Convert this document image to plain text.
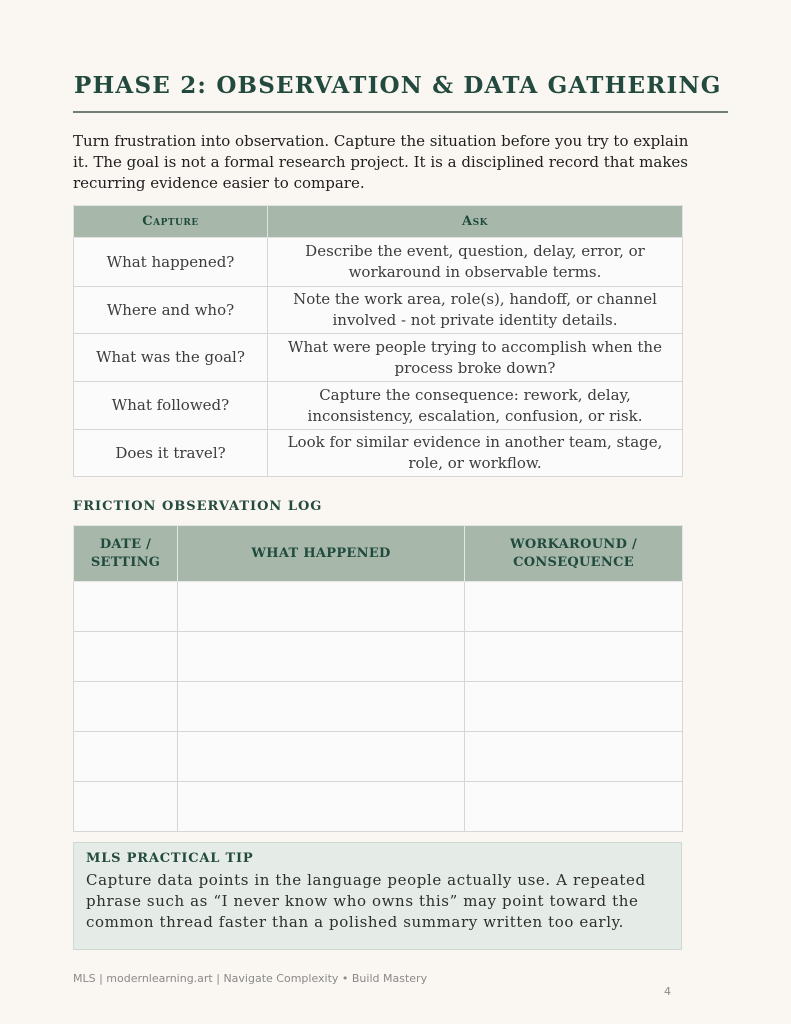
PHASE 2: OBSERVATION & DATA GATHERING

Turn frustration into observation. Capture the situation before you try to explain it. The goal is not a formal research project. It is a disciplined record that makes recurring evidence easier to compare.

Capture	Ask
What happened?	Describe the event, question, delay, error, or workaround in observable terms.
Where and who?	Note the work area, role(s), handoff, or channel involved - not private identity details.
What was the goal?	What were people trying to accomplish when the process broke down?
What followed?	Capture the consequence: rework, delay, inconsistency, escalation, confusion, or risk.
Does it travel?	Look for similar evidence in another team, stage, role, or workflow.
FRICTION OBSERVATION LOG
DATE / SETTING	WHAT HAPPENED	WORKAROUND / CONSEQUENCE

MLS PRACTICAL TIP

Capture data points in the language people actually use. A repeated phrase such as “I never know who owns this” may point toward the common thread faster than a polished summary written too early.

MLS | modernlearning.art | Navigate Complexity • Build Mastery

4
